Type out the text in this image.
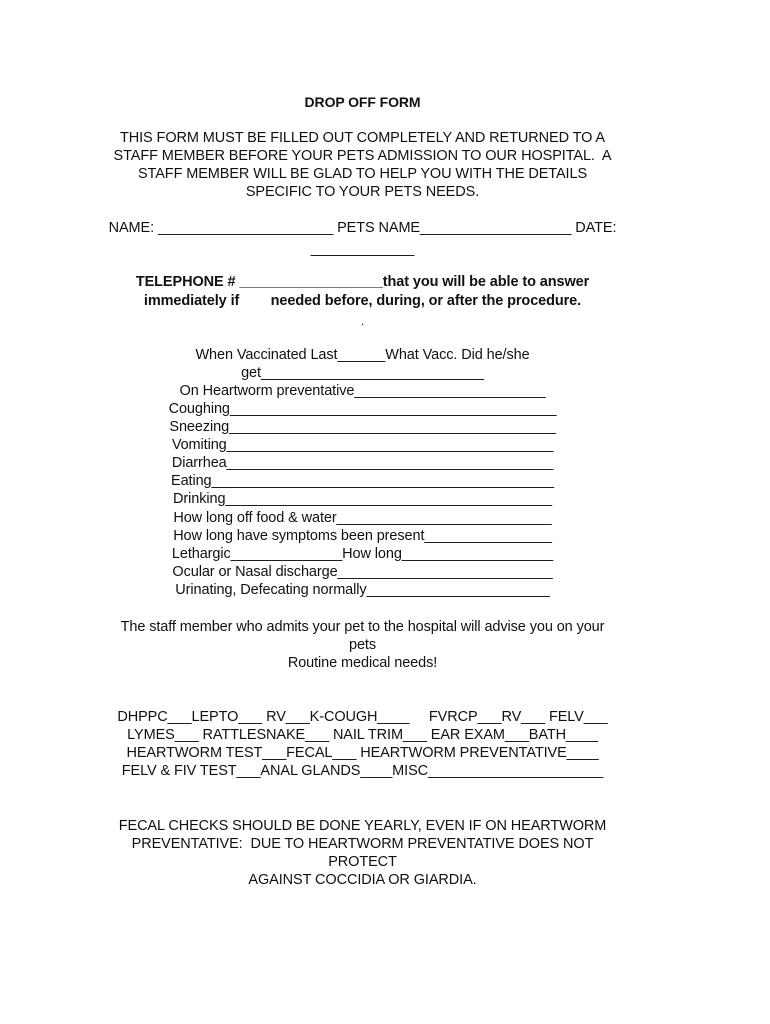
DROP OFF FORM
THIS FORM MUST BE FILLED OUT COMPLETELY AND RETURNED TO A
STAFF MEMBER BEFORE YOUR PETS ADMISSION TO OUR HOSPITAL.  A
STAFF MEMBER WILL BE GLAD TO HELP YOU WITH THE DETAILS
SPECIFIC TO YOUR PETS NEEDS.
NAME: ______________________ PETS NAME___________________ DATE:
_____________
TELEPHONE # __________________that you will be able to answer
immediately if        needed before, during, or after the procedure.
.
When Vaccinated Last______What Vacc. Did he/she
get____________________________
On Heartworm preventative________________________
Coughing_________________________________________
Sneezing_________________________________________
Vomiting_________________________________________
Diarrhea_________________________________________
Eating___________________________________________
Drinking_________________________________________
How long off food & water___________________________
How long have symptoms been present________________
Lethargic______________How long___________________
Ocular or Nasal discharge___________________________
Urinating, Defecating normally_______________________
The staff member who admits your pet to the hospital will advise you on your
pets
Routine medical needs!
DHPPC___LEPTO___ RV___K-COUGH____     FVRCP___RV___ FELV___
LYMES___ RATTLESNAKE___ NAIL TRIM___ EAR EXAM___BATH____
HEARTWORM TEST___FECAL___ HEARTWORM PREVENTATIVE____
FELV & FIV TEST___ANAL GLANDS____MISC______________________
FECAL CHECKS SHOULD BE DONE YEARLY, EVEN IF ON HEARTWORM
PREVENTATIVE:  DUE TO HEARTWORM PREVENTATIVE DOES NOT
PROTECT
AGAINST COCCIDIA OR GIARDIA.
